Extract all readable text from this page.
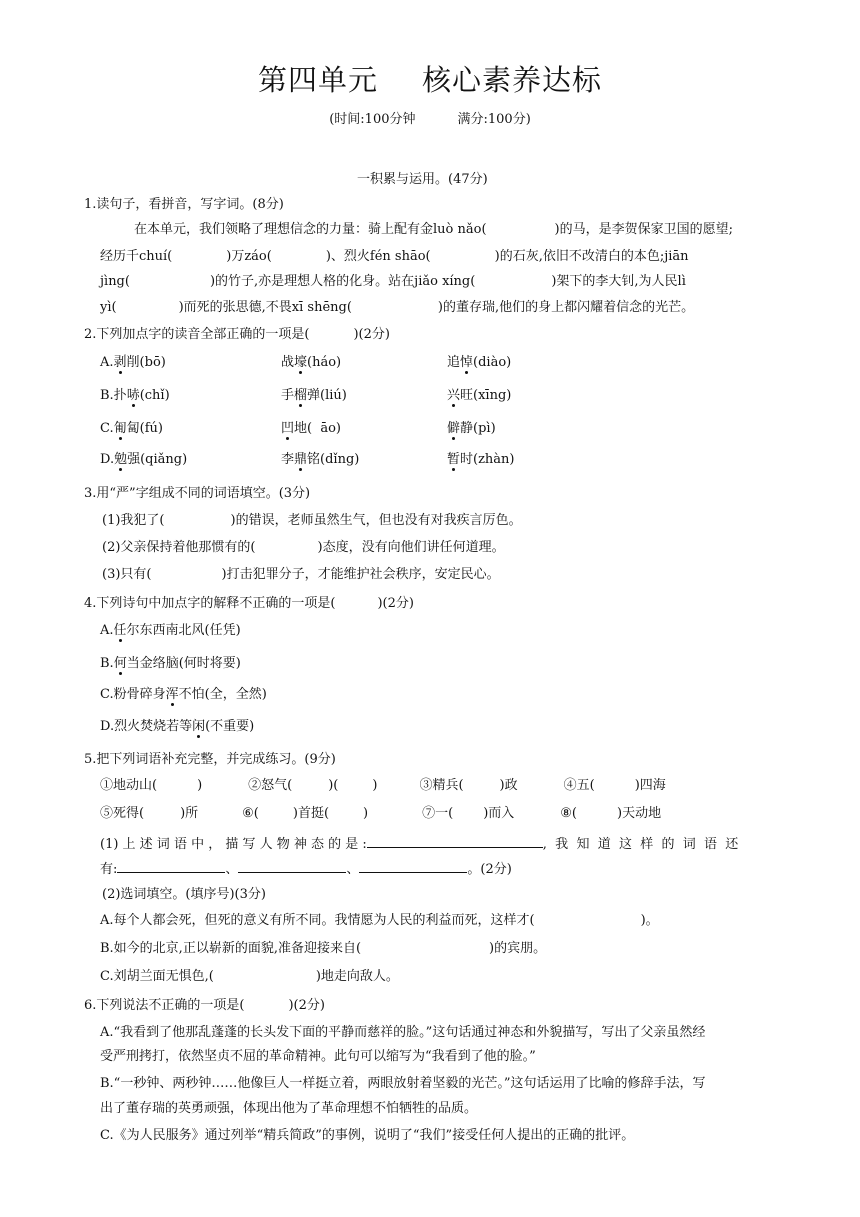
第四单元 核心素养达标
(时间:100分钟	满分:100分)
一积累与运用。(47分)
1.读句子，看拼音，写字词。(8分)
在本单元，我们领略了理想信念的力量：骑上配有金luò nǎo(	)的马，是李贺保家卫国的愿望;
经历千chuí(	)万záo(	)、烈火fén shāo(	)的石灰,依旧不改清白的本色;jiān
jìng(	)的竹子,亦是理想人格的化身。站在jiǎo xíng(	)架下的李大钊,为人民lì
yì(	)而死的张思德,不畏xī shēng(	)的董存瑞,他们的身上都闪耀着信念的光芒。
2.下列加点字的读音全部正确的一项是(	)(2分)
A.剥削(bō)	战壕(háo)	追悼(diào)
B.扑哧(chǐ)	手榴弹(liú)	兴旺(xīng)
C.匍匐(fú)	凹地(  āo)	僻静(pì)
D.勉强(qiǎng)	李鼎铭(dǐng)	暂时(zhàn)
3.用“严”字组成不同的词语填空。(3分)
(1)我犯了(	)的错误，老师虽然生气，但也没有对我疾言厉色。
(2)父亲保持着他那惯有的(	)态度，没有向他们讲任何道理。
(3)只有(	)打击犯罪分子，才能维护社会秩序，安定民心。
4.下列诗句中加点字的解释不正确的一项是(	)(2分)
A.任尔东西南北风(任凭)
B.何当金络脑(何时将要)
C.粉骨碎身浑不怕(全，全然)
D.烈火焚烧若等闲(不重要)
5.把下列词语补充完整，并完成练习。(9分)
①地动山(	)	②怒气(	)(	)	③精兵(	)政	④五(	)四海
⑤死得(	)所	⑥(	)首挺(	)	⑦一( )而入	⑧(	)天动地
(1) 上 述 词 语 中 ， 描 写 人 物 神 态 的 是 :	,  我  知  道  这  样  的  词  语  还
有:	、	、	。(2分)
(2)选词填空。(填序号)(3分)
A.每个人都会死，但死的意义有所不同。我情愿为人民的利益而死，这样才(	)。
B.如今的北京,正以崭新的面貌,准备迎接来自(	)的宾朋。
C.刘胡兰面无惧色,(	)地走向敌人。
6.下列说法不正确的一项是(	)(2分)
A.“我看到了他那乱蓬蓬的长头发下面的平静而慈祥的脸。”这句话通过神态和外貌描写，写出了父亲虽然经
受严刑拷打，依然坚贞不屈的革命精神。此句可以缩写为“我看到了他的脸。”
B.“一秒钟、两秒钟……他像巨人一样挺立着，两眼放射着坚毅的光芒。”这句话运用了比喻的修辞手法，写
出了董存瑞的英勇顽强，体现出他为了革命理想不怕牺牲的品质。
C.《为人民服务》通过列举“精兵简政”的事例，说明了“我们”接受任何人提出的正确的批评。
